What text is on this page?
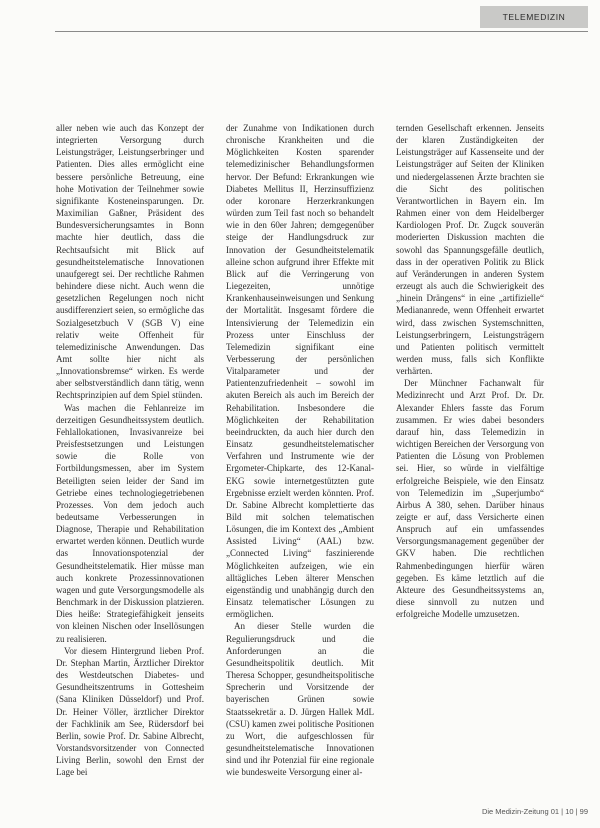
TELEMEDIZIN

aller neben wie auch das Konzept der integrierten Versorgung durch Leistungsträger, Leistungserbringer und Patienten. Dies alles ermöglicht eine bessere persönliche Betreuung, eine hohe Motivation der Teilnehmer sowie signifikante Kosteneinsparungen. Dr. Maximilian Gaßner, Präsident des Bundesversicherungsamtes in Bonn machte hier deutlich, dass die Rechtsaufsicht mit Blick auf gesundheitstelematische Innovationen unaufgeregt sei. Der rechtliche Rahmen behindere diese nicht. Auch wenn die gesetzlichen Regelungen noch nicht ausdifferenziert seien, so ermögliche das Sozialgesetzbuch V (SGB V) eine relativ weite Offenheit für telemedizinische Anwendungen. Das Amt sollte hier nicht als „Innovationsbremse“ wirken. Es werde aber selbstverständlich dann tätig, wenn Rechtsprinzipien auf dem Spiel stünden.

Was machen die Fehlanreize im derzeitigen Gesundheitssystem deutlich. Fehlallokationen, Invasivanreize bei Preisfestsetzungen und Leistungen sowie die Rolle von Fortbildungsmessen, aber im System Beteiligten seien leider der Sand im Getriebe eines technologiegetriebenen Prozesses. Von dem jedoch auch bedeutsame Verbesserungen in Diagnose, Therapie und Rehabilitation erwartet werden können. Deutlich wurde das Innovationspotenzial der Gesundheitstelematik. Hier müsse man auch konkrete Prozessinnovationen wagen und gute Versorgungsmodelle als Benchmark in der Diskussion platzieren. Dies heiße: Strategiefähigkeit jenseits von kleinen Nischen oder Insellösungen zu realisieren.

Vor diesem Hintergrund lieben Prof. Dr. Stephan Martin, Ärztlicher Direktor des Westdeutschen Diabetes- und Gesundheitszentrums in Gottesheim (Sana Kliniken Düsseldorf) und Prof. Dr. Heiner Völler, ärztlicher Direktor der Fachklinik am See, Rüdersdorf bei Berlin, sowie Prof. Dr. Sabine Albrecht, Vorstandsvorsitzender von Connected Living Berlin, sowohl den Ernst der Lage bei

der Zunahme von Indikationen durch chronische Krankheiten und die Möglichkeiten Kosten sparender telemedizinischer Behandlungsformen hervor. Der Befund: Erkrankungen wie Diabetes Mellitus II, Herzinsuffizienz oder koronare Herzerkrankungen würden zum Teil fast noch so behandelt wie in den 60er Jahren; demgegenüber steige der Handlungsdruck zur Innovation der Gesundheitstelematik alleine schon aufgrund ihrer Effekte mit Blick auf die Verringerung von Liegezeiten, unnötige Krankenhauseinweisungen und Senkung der Mortalität. Insgesamt fördere die Intensivierung der Telemedizin ein Prozess unter Einschluss der Telemedizin signifikant eine Verbesserung der persönlichen Vitalparameter und der Patientenzufriedenheit – sowohl im akuten Bereich als auch im Bereich der Rehabilitation. Insbesondere die Möglichkeiten der Rehabilitation beeindruckten, da auch hier durch den Einsatz gesundheitstelematischer Verfahren und Instrumente wie der Ergometer-Chipkarte, des 12-Kanal-EKG sowie internetgestützten gute Ergebnisse erzielt werden könnten. Prof. Dr. Sabine Albrecht komplettierte das Bild mit solchen telematischen Lösungen, die im Kontext des „Ambient Assisted Living“ (AAL) bzw. „Connected Living“ faszinierende Möglichkeiten aufzeigen, wie ein alltägliches Leben älterer Menschen eigenständig und unabhängig durch den Einsatz telematischer Lösungen zu ermöglichen.

An dieser Stelle wurden die Regulierungsdruck und die Anforderungen an die Gesundheitspolitik deutlich. Mit Theresa Schopper, gesundheitspolitische Sprecherin und Vorsitzende der bayerischen Grünen sowie Staatssekretär a. D. Jürgen Hallek MdL (CSU) kamen zwei politische Positionen zu Wort, die aufgeschlossen für gesundheitstelematische Innovationen sind und ihr Potenzial für eine regionale wie bundesweite Versorgung einer al-

ternden Gesellschaft erkennen. Jenseits der klaren Zuständigkeiten der Leistungsträger auf Kassenseite und der Leistungsträger auf Seiten der Kliniken und niedergelassenen Ärzte brachten sie die Sicht des politischen Verantwortlichen in Bayern ein. Im Rahmen einer von dem Heidelberger Kardiologen Prof. Dr. Zugck souverän moderierten Diskussion machten die sowohl das Spannungsgefälle deutlich, dass in der operativen Politik zu Blick auf Veränderungen in anderen System erzeugt als auch die Schwierigkeit des „hinein Drängens“ in eine „artifizielle“ Mediananrede, wenn Offenheit erwartet wird, dass zwischen Systemschnitten, Leistungserbringern, Leistungsträgern und Patienten politisch vermittelt werden muss, falls sich Konflikte verhärten.

Der Münchner Fachanwalt für Medizinrecht und Arzt Prof. Dr. Dr. Alexander Ehlers fasste das Forum zusammen. Er wies dabei besonders darauf hin, dass Telemedizin in wichtigen Bereichen der Versorgung von Patienten die Lösung von Problemen sei. Hier, so würde in vielfältige erfolgreiche Beispiele, wie den Einsatz von Telemedizin im „Superjumbo“ Airbus A 380, sehen. Darüber hinaus zeigte er auf, dass Versicherte einen Anspruch auf ein umfassendes Versorgungsmanagement gegenüber der GKV haben. Die rechtlichen Rahmenbedingungen hierfür wären gegeben. Es käme letztlich auf die Akteure des Gesundheitssystems an, diese sinnvoll zu nutzen und erfolgreiche Modelle umzusetzen.

Die Medizin-Zeitung 01 | 10 | 99
